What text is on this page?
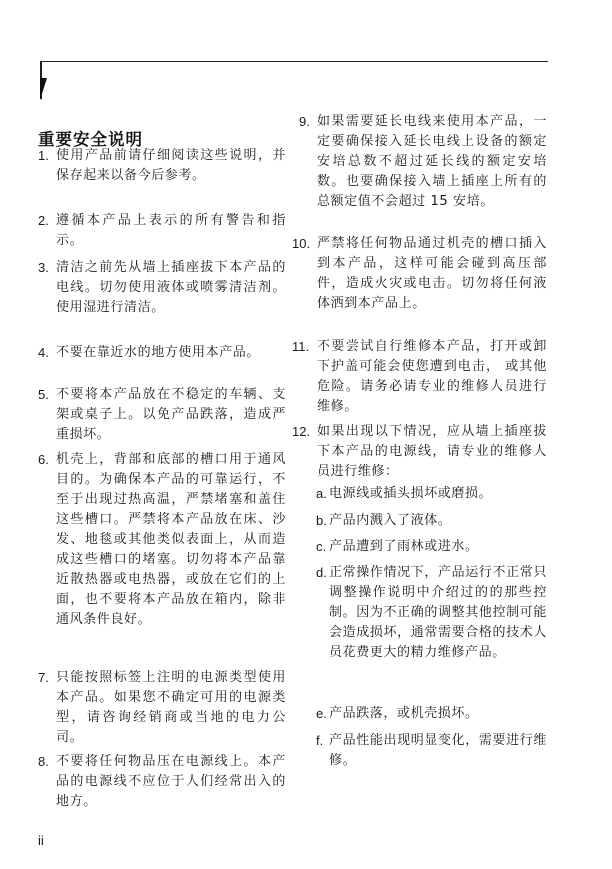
重要安全说明
1. 使用产品前请仔细阅读这些说明，并保存起来以备今后参考。
2. 遵循本产品上表示的所有警告和指示。
3. 清洁之前先从墙上插座拔下本产品的电线。切勿使用液体或喷雾清洁剂。使用湿进行清洁。
4. 不要在靠近水的地方使用本产品。
5. 不要将本产品放在不稳定的车辆、支架或桌子上。以免产品跌落，造成严重损坏。
6. 机壳上，背部和底部的槽口用于通风目的。为确保本产品的可靠运行，不至于出现过热高温，严禁堵塞和盖住这些槽口。严禁将本产品放在床、沙发、地毯或其他类似表面上，从而造成这些槽口的堵塞。切勿将本产品靠近散热器或电热器，或放在它们的上面，也不要将本产品放在箱内，除非通风条件良好。
7. 只能按照标签上注明的电源类型使用本产品。如果您不确定可用的电源类型，请咨询经销商或当地的电力公司。
8. 不要将任何物品压在电源线上。本产品的电源线不应位于人们经常出入的地方。
9. 如果需要延长电线来使用本产品，一定要确保接入延长电线上设备的额定安培总数不超过延长线的额定安培数。也要确保接入墙上插座上所有的总额定值不会超过 15 安培。
10. 严禁将任何物品通过机壳的槽口插入到本产品，这样可能会碰到高压部件，造成火灾或电击。切勿将任何液体洒到本产品上。
11. 不要尝试自行维修本产品，打开或卸下护盖可能会使您遭到电击， 或其他危险。请务必请专业的维修人员进行维修。
12. 如果出现以下情况，应从墙上插座拔下本产品的电源线，请专业的维修人员进行维修：
a. 电源线或插头损坏或磨损。
b. 产品内溅入了液体。
c. 产品遭到了雨林或进水。
d. 正常操作情况下，产品运行不正常只调整操作说明中介绍过的的那些控制。因为不正确的调整其他控制可能会造成损坏，通常需要合格的技术人员花费更大的精力维修产品。
e. 产品跌落，或机壳损坏。
f. 产品性能出现明显变化，需要进行维修。
ii
